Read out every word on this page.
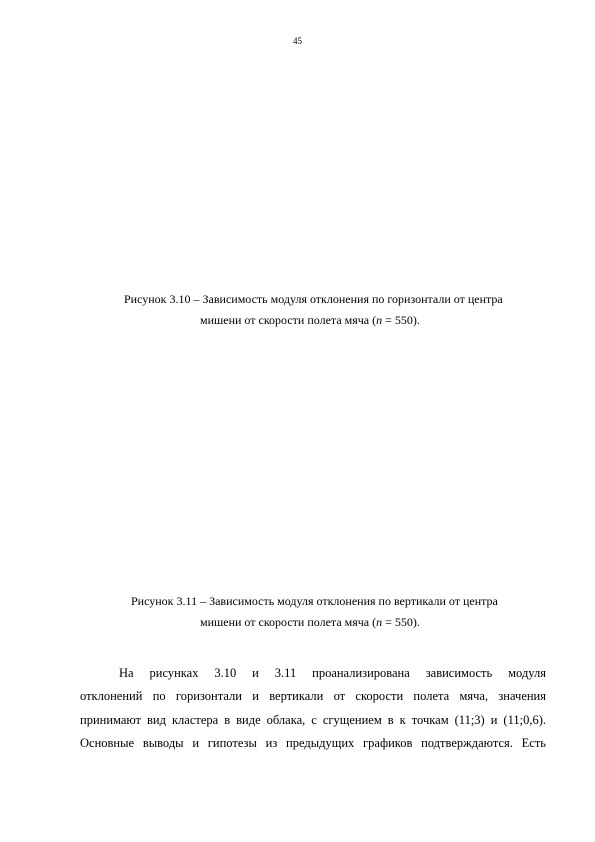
45
Рисунок 3.10 – Зависимость модуля отклонения по горизонтали от центра
мишени от скорости полета мяча (n = 550).
Рисунок 3.11 – Зависимость модуля отклонения по вертикали от центра
мишени от скорости полета мяча (n = 550).
На рисунках 3.10 и 3.11 проанализирована зависимость модуля
отклонений по горизонтали и вертикали от скорости полета мяча, значения
принимают вид кластера в виде облака, с сгущением в к точкам (11;3) и (11;0,6).
Основные выводы и гипотезы из предыдущих графиков подтверждаются. Есть
